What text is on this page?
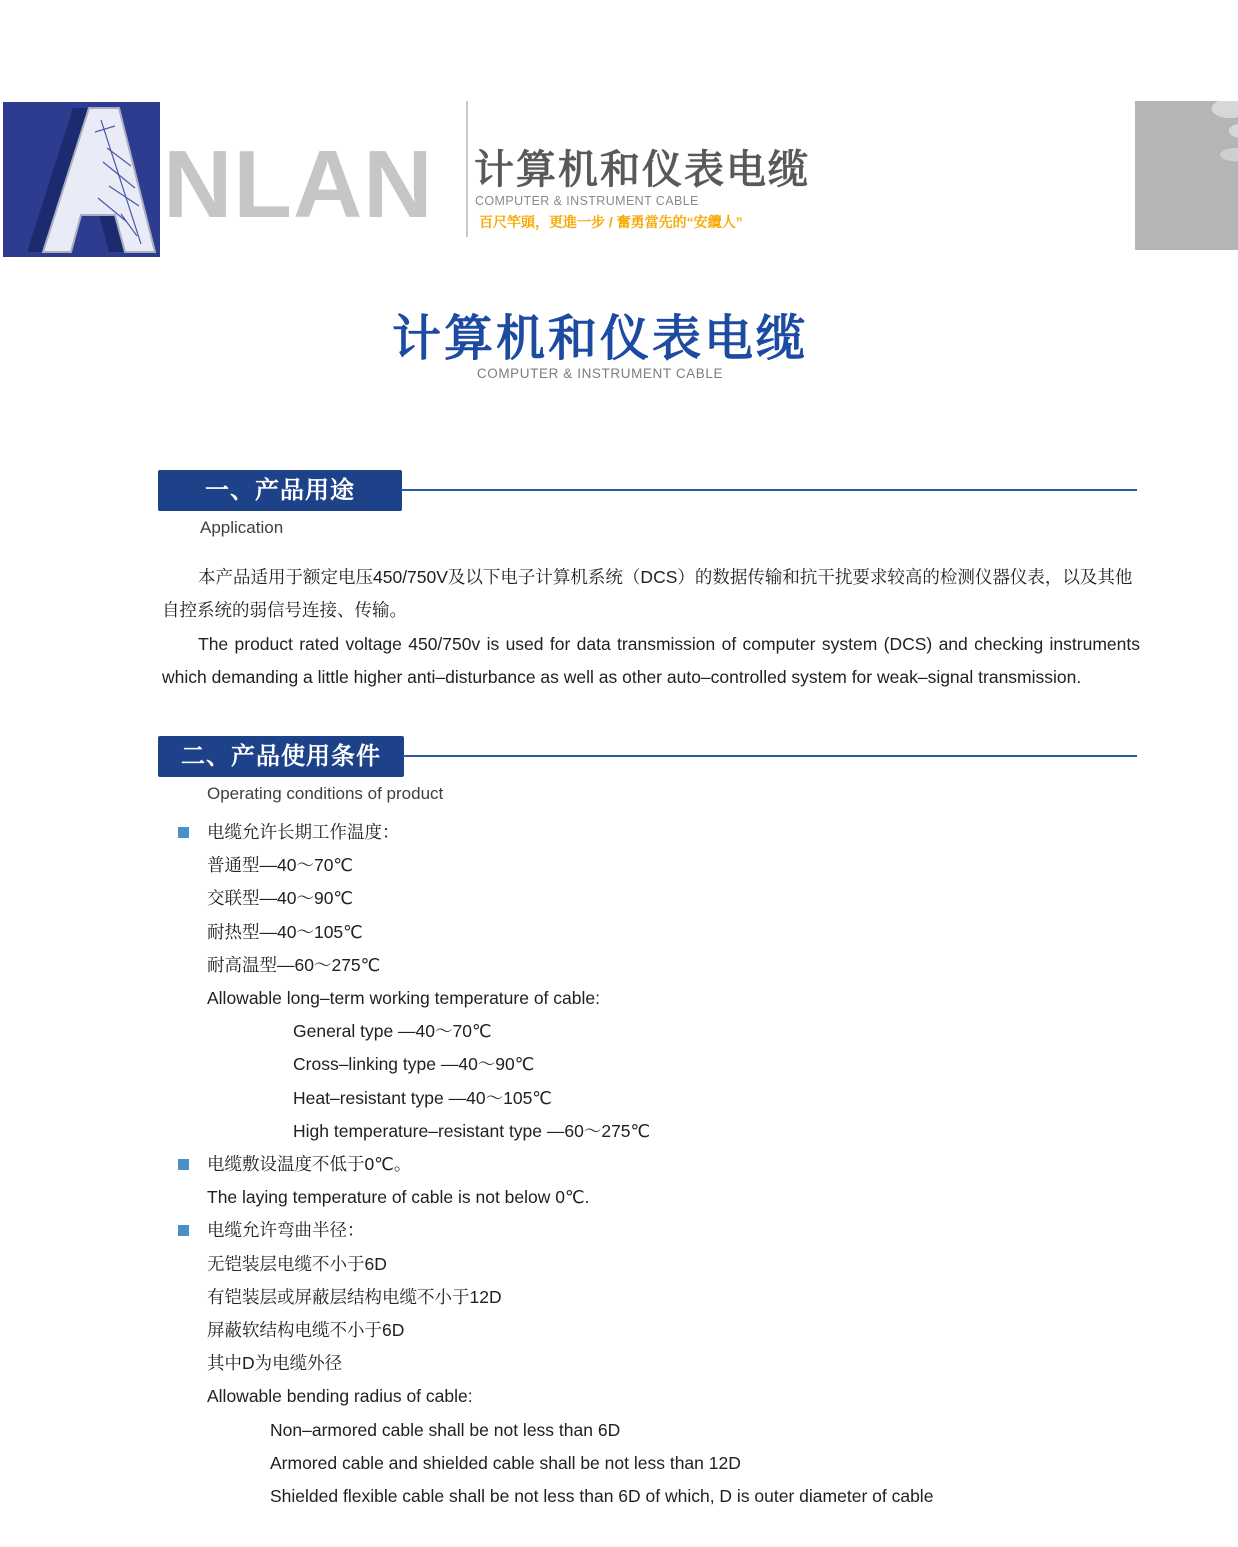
NLAN 计算机和仪表电缆
COMPUTER & INSTRUMENT CABLE
百尺竿頭，更進一步 / 奮勇當先的“安纜人”
计算机和仪表电缆
COMPUTER & INSTRUMENT CABLE
一、产品用途
Application
本产品适用于额定电压450/750V及以下电子计算机系统（DCS）的数据传输和抗干扰要求较高的检测仪器仪表，以及其他自控系统的弱信号连接、传输。
The product rated voltage 450/750v is used for data transmission of computer system (DCS) and checking instruments which demanding a little higher anti–disturbance as well as other auto–controlled system for weak–signal transmission.
二、产品使用条件
Operating conditions of product
电缆允许长期工作温度：
普通型—40～70℃
交联型—40～90℃
耐热型—40～105℃
耐高温型—60～275℃
Allowable long–term working temperature of cable:
General type —40～70℃
Cross–linking type —40～90℃
Heat–resistant type —40～105℃
High temperature–resistant type —60～275℃
电缆敷设温度不低于0℃。
The laying temperature of cable is not below 0℃.
电缆允许弯曲半径：
无铠装层电缆不小于6D
有铠装层或屏蔽层结构电缆不小于12D
屏蔽软结构电缆不小于6D
其中D为电缆外径
Allowable bending radius of cable:
Non–armored cable shall be not less than 6D
Armored cable and shielded cable shall be not less than 12D
Shielded flexible cable shall be not less than 6D of which, D is outer diameter of cable
